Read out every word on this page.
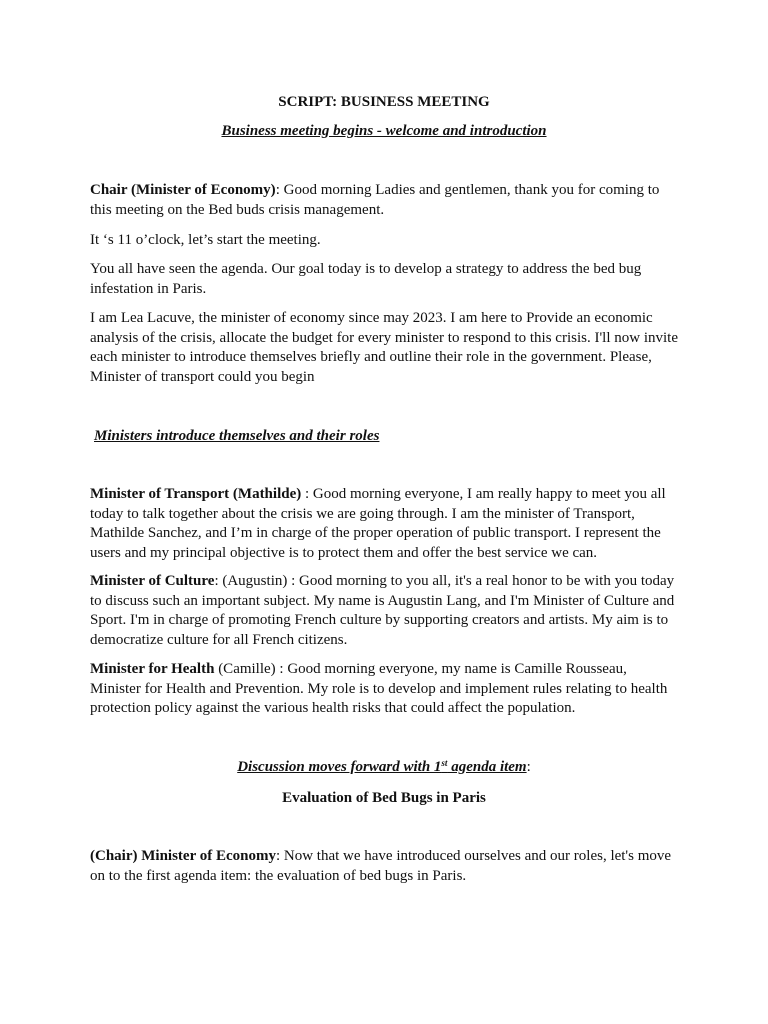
SCRIPT: BUSINESS MEETING
Business meeting begins - welcome and introduction

Chair (Minister of Economy): Good morning Ladies and gentlemen, thank you for coming to this meeting on the Bed buds crisis management.

It ‘s 11 o’clock, let’s start the meeting.

You all have seen the agenda. Our goal today is to develop a strategy to address the bed bug infestation in Paris.

I am Lea Lacuve, the minister of economy since may 2023. I am here to Provide an economic analysis of the crisis, allocate the budget for every minister to respond to this crisis. I'll now invite each minister to introduce themselves briefly and outline their role in the government. Please, Minister of transport could you begin

Ministers introduce themselves and their roles

Minister of Transport (Mathilde) : Good morning everyone, I am really happy to meet you all today to talk together about the crisis we are going through. I am the minister of Transport, Mathilde Sanchez, and I’m in charge of the proper operation of public transport. I represent the users and my principal objective is to protect them and offer the best service we can.

Minister of Culture: (Augustin) : Good morning to you all, it's a real honor to be with you today to discuss such an important subject. My name is Augustin Lang, and I'm Minister of Culture and Sport. I'm in charge of promoting French culture by supporting creators and artists. My aim is to democratize culture for all French citizens.

Minister for Health (Camille) : Good morning everyone, my name is Camille Rousseau, Minister for Health and Prevention. My role is to develop and implement rules relating to health protection policy against the various health risks that could affect the population.

Discussion moves forward with 1st agenda item:
Evaluation of Bed Bugs in Paris

(Chair) Minister of Economy: Now that we have introduced ourselves and our roles, let's move on to the first agenda item: the evaluation of bed bugs in Paris.
